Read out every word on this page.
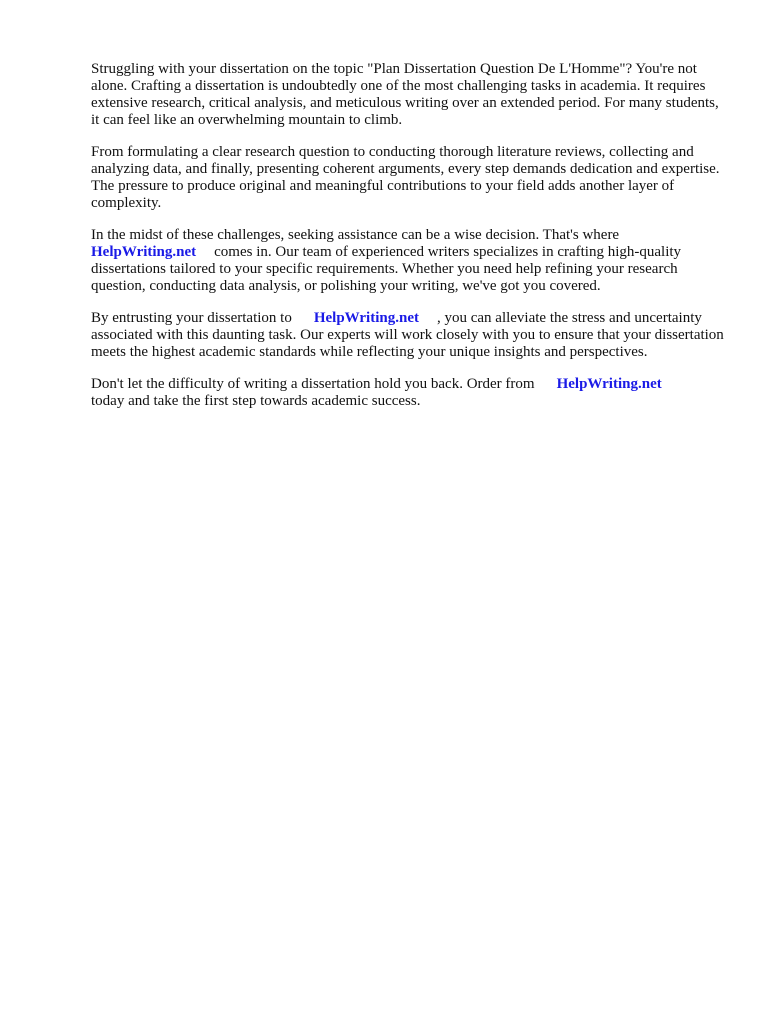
Struggling with your dissertation on the topic "Plan Dissertation Question De L'Homme"? You're not alone. Crafting a dissertation is undoubtedly one of the most challenging tasks in academia. It requires extensive research, critical analysis, and meticulous writing over an extended period. For many students, it can feel like an overwhelming mountain to climb.

From formulating a clear research question to conducting thorough literature reviews, collecting and analyzing data, and finally, presenting coherent arguments, every step demands dedication and expertise. The pressure to produce original and meaningful contributions to your field adds another layer of complexity.

In the midst of these challenges, seeking assistance can be a wise decision. That's where
HelpWriting.net comes in. Our team of experienced writers specializes in crafting high-quality dissertations tailored to your specific requirements. Whether you need help refining your research question, conducting data analysis, or polishing your writing, we've got you covered.

By entrusting your dissertation to HelpWriting.net , you can alleviate the stress and uncertainty associated with this daunting task. Our experts will work closely with you to ensure that your dissertation meets the highest academic standards while reflecting your unique insights and perspectives.

Don't let the difficulty of writing a dissertation hold you back. Order from HelpWriting.net
today and take the first step towards academic success.
